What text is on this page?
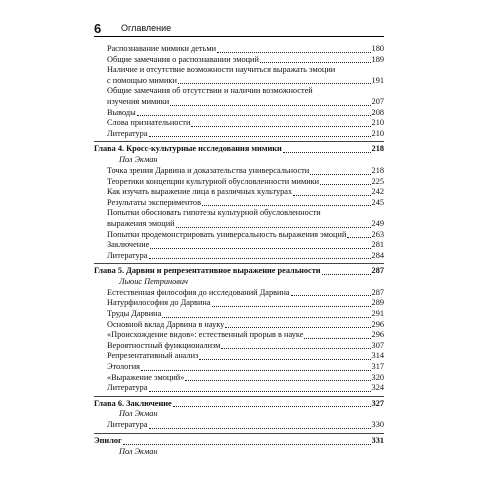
6 Оглавление
Распознавание мимики детьми	180
Общие замечания о распознавании эмоций	189
Наличие и отсутствие возможности научиться выражать эмоции
с помощью мимики	191
Общие замечания об отсутствии и наличии возможностей
изучения мимики	207
Выводы	208
Слова признательности	210
Литература	210
Глава 4. Кросс-культурные исследования мимики	218
Пол Экман
Точка зрения Дарвина и доказательства универсальности	218
Теоретики концепции культурной обусловленности мимики	225
Как изучать выражение лица в различных культурах	242
Результаты экспериментов	245
Попытки обосновать гипотезы культурной обусловленности
выражения эмоций	249
Попытки продемонстрировать универсальность выражения эмоций	263
Заключение	281
Литература	284
Глава 5. Дарвин и репрезентативное выражение реальности	287
Льюис Петринович
Естественная философия до исследований Дарвина	287
Натурфилософия до Дарвина	289
Труды Дарвина	291
Основной вклад Дарвина в науку	296
«Происхождение видов»: естественный прорыв в науке	296
Вероятностный функционализм	307
Репрезентативный анализ	314
Этология	317
«Выражение эмоций»	320
Литература	324
Глава 6. Заключение	327
Пол Экман
Литература	330
Эпилог	331
Пол Экман
